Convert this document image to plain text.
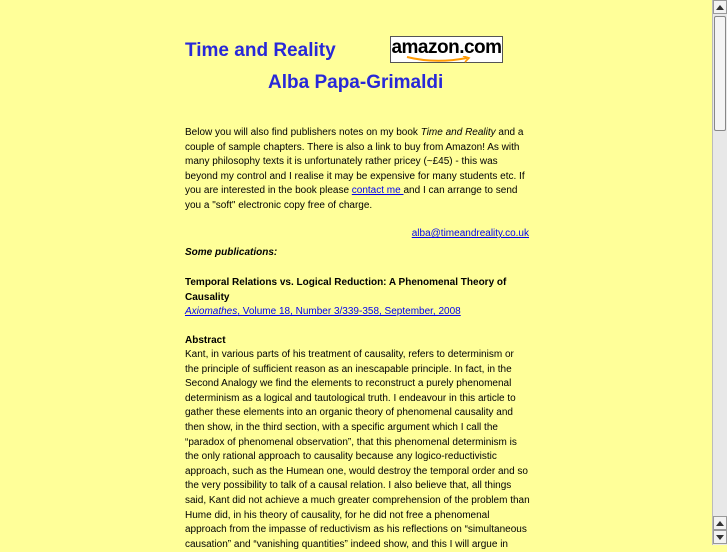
Time and Reality	amazon.com
Alba Papa-Grimaldi
Below you will also find publishers notes on my book Time and Reality and a couple of sample chapters. There is also a link to buy from Amazon! As with many philosophy texts it is unfortunately rather pricey (~£45) - this was beyond my control and I realise it may be expensive for many students etc. If you are interested in the book please contact me and I can arrange to send you a "soft" electronic copy free of charge.
alba@timeandreality.co.uk
Some publications:
Temporal Relations vs. Logical Reduction: A Phenomenal Theory of Causality
Axiomathes, Volume 18, Number 3/339-358, September, 2008
Abstract
Kant, in various parts of his treatment of causality, refers to determinism or the principle of sufficient reason as an inescapable principle. In fact, in the Second Analogy we find the elements to reconstruct a purely phenomenal determinism as a logical and tautological truth. I endeavour in this article to gather these elements into an organic theory of phenomenal causality and then show, in the third section, with a specific argument which I call the “paradox of phenomenal observation”, that this phenomenal determinism is the only rational approach to causality because any logico-reductivistic approach, such as the Humean one, would destroy the temporal order and so the very possibility to talk of a causal relation. I also believe that, all things said, Kant did not achieve a much greater comprehension of the problem than Hume did, in his theory of causality, for he did not free a phenomenal approach from the impasse of reductivism as his reflections on “simultaneous causation” and “vanishing quantities” indeed show, and this I will argue in
